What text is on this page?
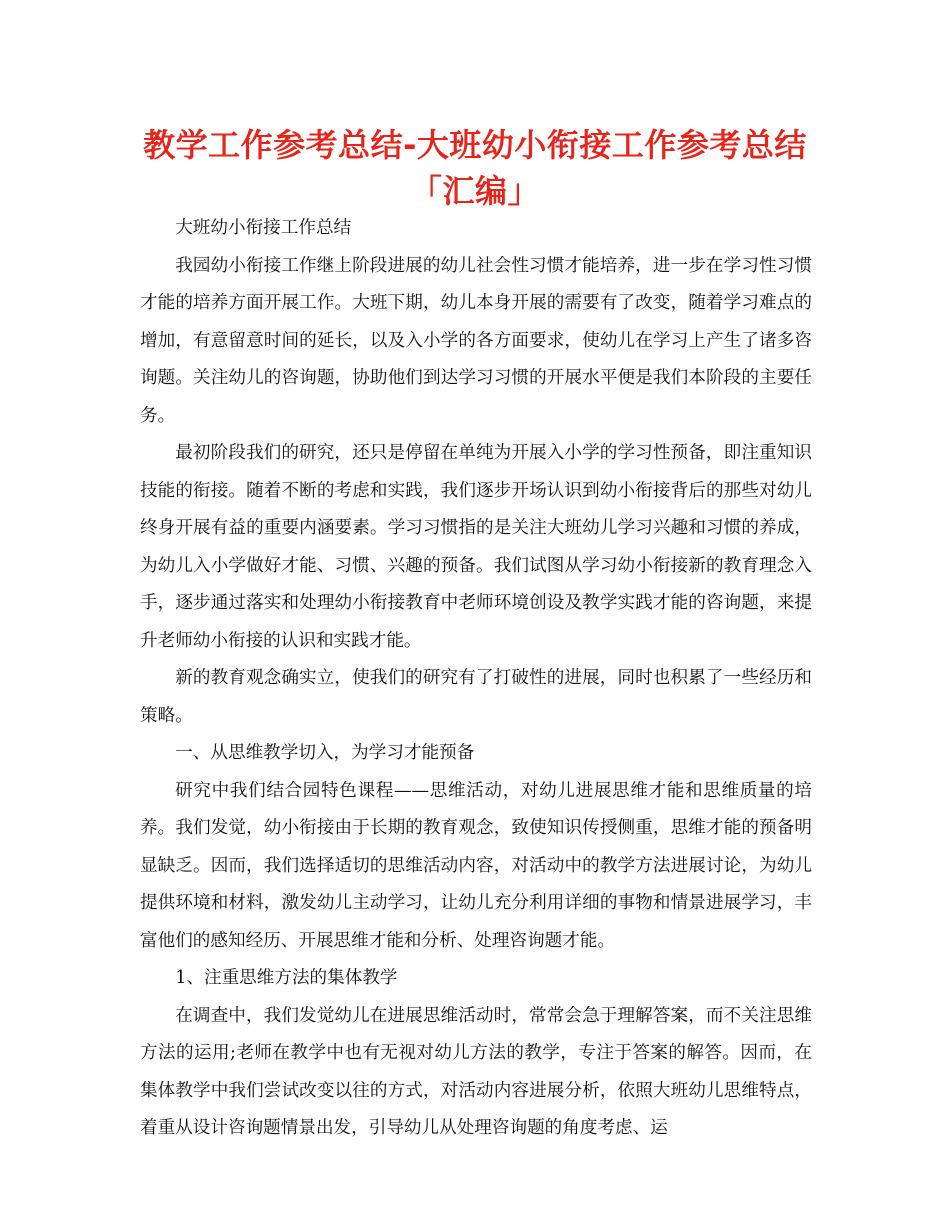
教学工作参考总结-大班幼小衔接工作参考总结「汇编」

大班幼小衔接工作总结

我园幼小衔接工作继上阶段进展的幼儿社会性习惯才能培养，进一步在学习性习惯才能的培养方面开展工作。大班下期，幼儿本身开展的需要有了改变，随着学习难点的增加，有意留意时间的延长，以及入小学的各方面要求，使幼儿在学习上产生了诸多咨询题。关注幼儿的咨询题，协助他们到达学习习惯的开展水平便是我们本阶段的主要任务。

最初阶段我们的研究，还只是停留在单纯为开展入小学的学习性预备，即注重知识技能的衔接。随着不断的考虑和实践，我们逐步开场认识到幼小衔接背后的那些对幼儿终身开展有益的重要内涵要素。学习习惯指的是关注大班幼儿学习兴趣和习惯的养成，为幼儿入小学做好才能、习惯、兴趣的预备。我们试图从学习幼小衔接新的教育理念入手，逐步通过落实和处理幼小衔接教育中老师环境创设及教学实践才能的咨询题，来提升老师幼小衔接的认识和实践才能。

新的教育观念确实立，使我们的研究有了打破性的进展，同时也积累了一些经历和策略。

一、从思维教学切入，为学习才能预备

研究中我们结合园特色课程——思维活动，对幼儿进展思维才能和思维质量的培养。我们发觉，幼小衔接由于长期的教育观念，致使知识传授侧重，思维才能的预备明显缺乏。因而，我们选择适切的思维活动内容，对活动中的教学方法进展讨论，为幼儿提供环境和材料，激发幼儿主动学习，让幼儿充分利用详细的事物和情景进展学习，丰富他们的感知经历、开展思维才能和分析、处理咨询题才能。

1、注重思维方法的集体教学

在调查中，我们发觉幼儿在进展思维活动时，常常会急于理解答案，而不关注思维方法的运用;老师在教学中也有无视对幼儿方法的教学，专注于答案的解答。因而，在集体教学中我们尝试改变以往的方式，对活动内容进展分析，依照大班幼儿思维特点，着重从设计咨询题情景出发，引导幼儿从处理咨询题的角度考虑、运
